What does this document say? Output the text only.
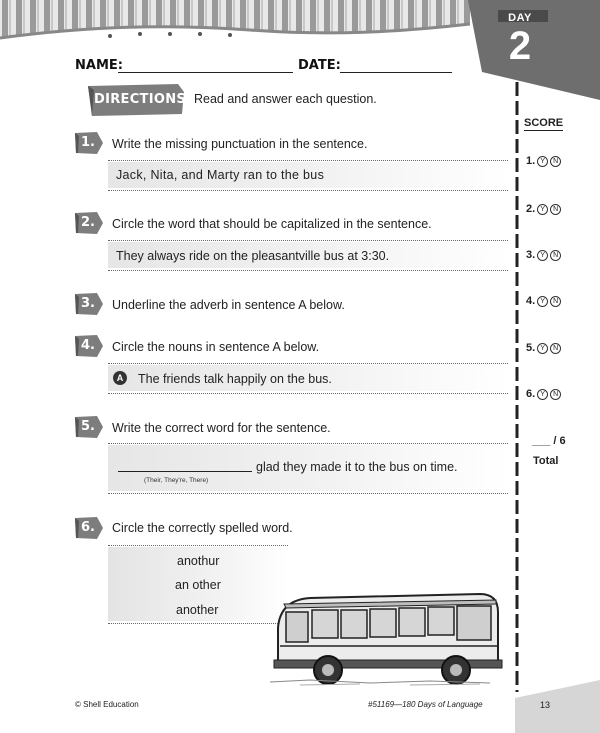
DAY
2
NAME:	DATE:
DIRECTIONS Read and answer each question.
SCORE
1. Y	N
2. Y	N
3. Y	N
4. Y	N
5. Y	N
6. Y	N
___ / 6
Total
1. Write the missing punctuation in the sentence.
Jack, Nita, and Marty ran to the bus
2. Circle the word that should be capitalized in the sentence.
They always ride on the pleasantville bus at 3:30.
3. Underline the adverb in sentence A below.
4. Circle the nouns in sentence A below.
A	The friends talk happily on the bus.
5. Write the correct word for the sentence.
glad they made it to the bus on time.
(Their, They're, There)
6. Circle the correctly spelled word.
anothur
an other
another
© Shell Education	#51169—180 Days of Language	13
